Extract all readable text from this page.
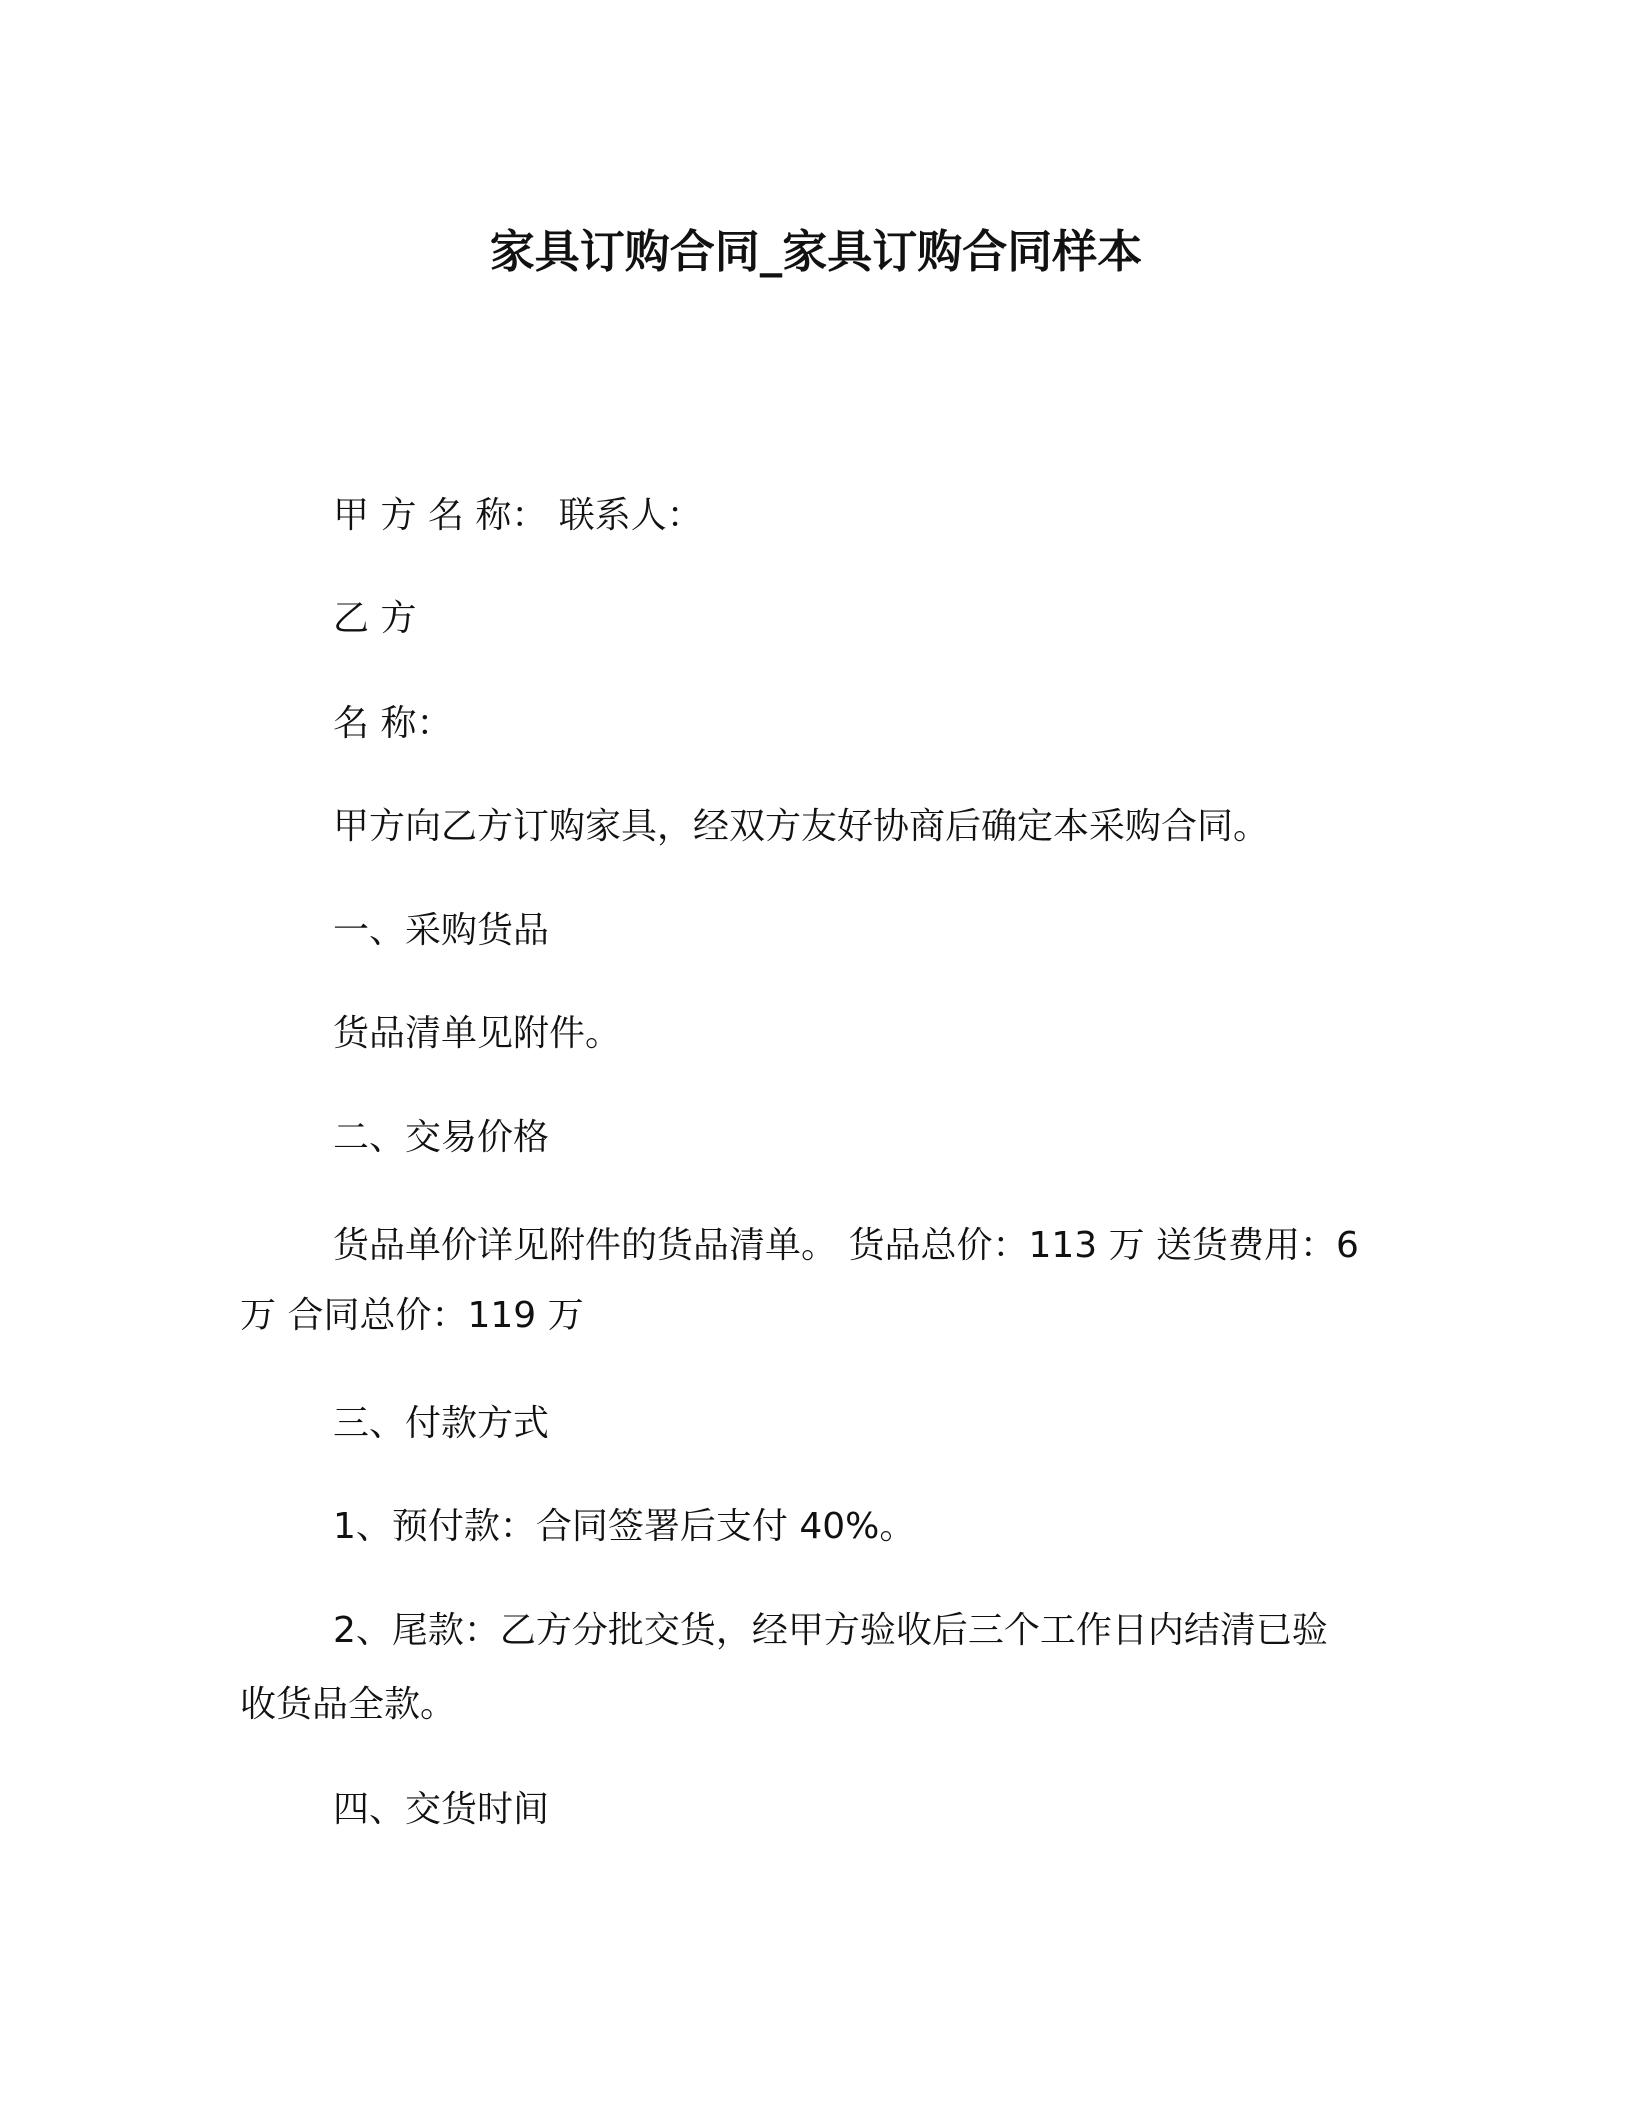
家具订购合同_家具订购合同样本
甲 方 名 称： 联系人：
乙 方
名 称：
甲方向乙方订购家具，经双方友好协商后确定本采购合同。
一、采购货品
货品清单见附件。
二、交易价格
货品单价详见附件的货品清单。 货品总价：113 万 送货费用：6
万 合同总价：119 万
三、付款方式
1、预付款：合同签署后支付 40%。
2、尾款：乙方分批交货，经甲方验收后三个工作日内结清已验
收货品全款。
四、交货时间
